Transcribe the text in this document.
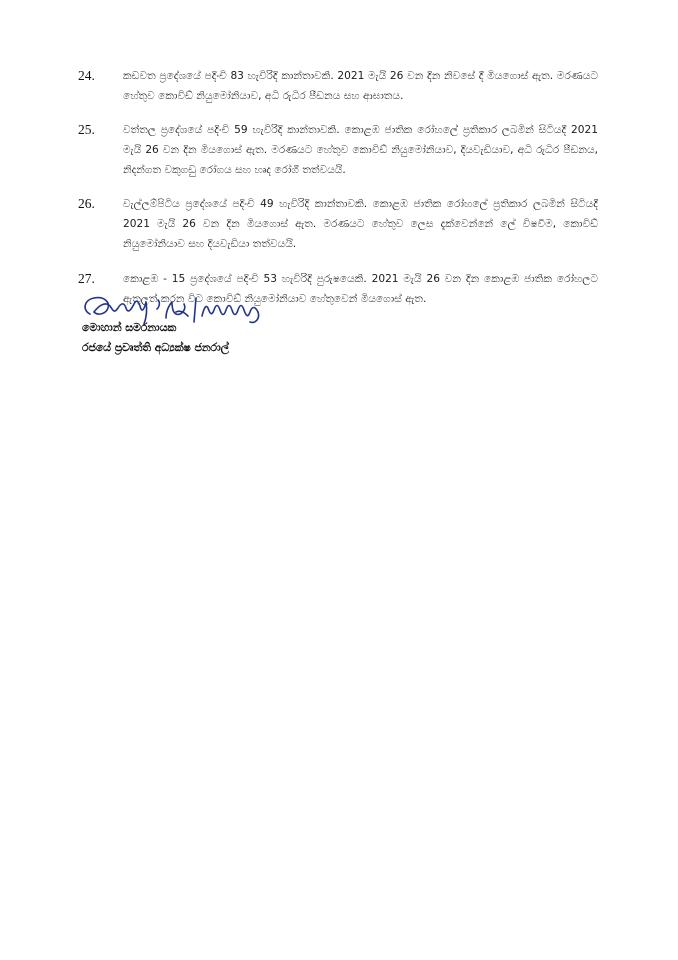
24.	කඩවත ප්‍රදේශයේ පදිංචි 83 හැවිරිදි කාන්තාවකි. 2021 මැයි 26 වන දින නිවසේ දී මියගොස් ඇත. මරණයට හේතුව කොවිඩ් නියුමෝනියාව, අධි රුධිර පීඩනය සහ ආඝාතය.

25.	වත්තල ප්‍රදේශයේ පදිංචි 59 හැවිරිදි කාන්තාවකි. කොළඹ ජාතික රෝහලේ ප්‍රතිකාර ලබමින් සිටියදී 2021 මැයි 26 වන දින මියගොස් ඇත. මරණයට හේතුව කොවිඩ් නියුමෝනියාව, දියවැඩියාව, අධි රුධිර පීඩනය, නිදන්ගත වකුගඩු රෝගය සහ හෘද රෝගී තත්වයයි.

26.	වැල්ලම්පිටිය ප්‍රදේශයේ පදිංචි 49 හැවිරිදි කාන්තාවකි. කොළඹ ජාතික රෝහලේ ප්‍රතිකාර ලබමින් සිටියදී 2021 මැයි 26 වන දින මියගොස් ඇත. මරණයට හේතුව ලෙස දැක්වෙන්නේ ලේ විෂවීම, කොවිඩ් නියුමෝනියාව සහ දියවැඩියා තත්වයයි.

27.	කොළඹ - 15 ප්‍රදේශයේ පදිංචි 53 හැවිරිදි පුරුෂයෙකි. 2021 මැයි 26 වන දින කොළඹ ජාතික රෝහලට ඇතුලත් කරන විට කොවිඩ් නියුමෝනියාව හේතුවෙන් මියගොස් ඇත.

මොහාන් සමරනායක
රජයේ ප්‍රවෘත්ති අධ්‍යක්ෂ ජනරාල්
